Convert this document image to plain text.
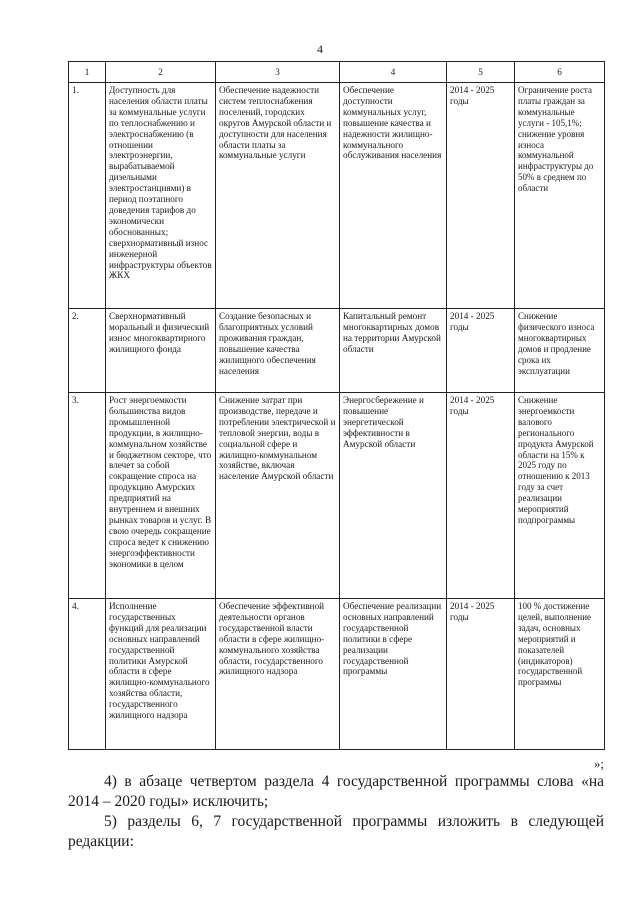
4
1	2	3	4	5	6
1.	Доступность для населения области платы за коммунальные услуги по теплоснабжению и электроснабжению (в отношении электроэнергии, вырабатываемой дизельными электростанциями) в период поэтапного доведения тарифов до экономически обоснованных; сверхнормативный износ инженерной инфраструктуры объектов ЖКХ	Обеспечение надежности систем теплоснабжения поселений, городских округов Амурской области и доступности для населения области платы за коммунальные услуги	Обеспечение доступности коммунальных услуг, повышение качества и надежности жилищно-коммунального обслуживания населения	2014 - 2025 годы	Ограничение роста платы граждан за коммунальные услуги - 105,1%; снижение уровня износа коммунальной инфраструктуры до 50% в среднем по области
2.	Сверхнормативный моральный и физический износ многоквартирного жилищного фонда	Создание безопасных и благоприятных условий проживания граждан, повышение качества жилищного обеспечения населения	Капитальный ремонт многоквартирных домов на территории Амурской области	2014 - 2025 годы	Снижение физического износа многоквартирных домов и продление срока их эксплуатации
3.	Рост энергоемкости большинства видов промышленной продукции, в жилищно-коммунальном хозяйстве и бюджетном секторе, что влечет за собой сокращение спроса на продукцию Амурских предприятий на внутреннем и внешних рынках товаров и услуг. В свою очередь сокращение спроса ведет к снижению энергоэффективности экономики в целом	Снижение затрат при производстве, передаче и потреблении электрической и тепловой энергии, воды в социальной сфере и жилищно-коммунальном хозяйстве, включая население Амурской области	Энергосбережение и повышение энергетической эффективности в Амурской области	2014 - 2025 годы	Снижение энергоемкости валового регионального продукта Амурской области на 15% к 2025 году по отношению к 2013 году за счет реализации мероприятий подпрограммы
4.	Исполнение государственных функций для реализации основных направлений государственной политики Амурской области в сфере жилищно-коммунального хозяйства области, государственного жилищного надзора	Обеспечение эффективной деятельности органов государственной власти области в сфере жилищно-коммунального хозяйства области, государственного жилищного надзора	Обеспечение реализации основных направлений государственной политики в сфере реализации государственной программы	2014 - 2025 годы	100 % достижение целей, выполнение задач, основных мероприятий и показателей (индикаторов) государственной программы
»;

4) в абзаце четвертом раздела 4 государственной программы слова «на 2014 – 2020 годы» исключить;

5) разделы 6, 7 государственной программы изложить в следующей редакции:
